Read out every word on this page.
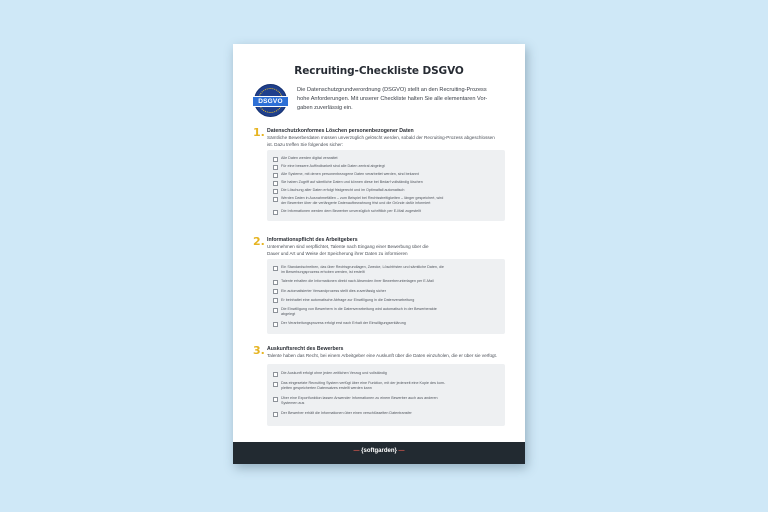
Recruiting-Checkliste DSGVO
DSGVO
Die Datenschutzgrundverordnung (DSGVO) stellt an den Recruiting-Prozess
hohe Anforderungen. Mit unserer Checkliste halten Sie alle elementaren Vor-
gaben zuverlässig ein.
1. Datenschutzkonformes Löschen personenbezogener Daten
Sämtliche Bewerberdaten müssen unverzüglich gelöscht werden, sobald der Recruiting-Prozess abgeschlossen
ist. Dazu treffen Sie folgendes sicher:
Alle Daten werden digital verwaltet
Für eine bessere Auffindbarkeit sind alle Daten zentral abgelegt
Alle Systeme, mit denen personenbezogene Daten verarbeitet werden, sind bekannt
Sie haben Zugriff auf sämtliche Daten und können diese bei Bedarf vollständig löschen
Die Löschung aller Daten erfolgt fristgerecht und im Optimalfall automatisch
Werden Daten in Ausnahmefällen – zum Beispiel bei Rechtsstreitigkeiten – länger gespeichert, wird
der Bewerber über die verlängerte Datenaufbewahrung frist und die Gründe dafür informiert
Die Informationen werden dem Bewerber unverzüglich schriftlich per E-Mail zugestellt
2. Informationspflicht des Arbeitgebers
Unternehmen sind verpflichtet, Talente nach Eingang einer Bewerbung über die
Dauer und Art und Weise der Speicherung ihrer Daten zu informieren
Ein Standardschreiben, das über Rechtsgrundlagen, Zwecke, Löschfristen und sämtliche Daten, die
im Bewerbungsprozess erhoben werden, ist erstellt
Talente erhalten die Informationen direkt nach Absenden ihrer Bewerberunterlagen per E-Mail
Ein automatisierter Versandprozess stellt dies zuverlässig sicher
Er beinhaltet eine automatische Abfrage zur Einwilligung in die Datenverarbeitung
Die Einwilligung von Bewerbern in die Datenverarbeitung wird automatisch in der Bewerberakte
abgelegt
Der Verarbeitungsprozess erfolgt erst nach Erhalt der Einwilligungserklärung
3. Auskunftsrecht des Bewerbers
Talente haben das Recht, bei einem Arbeitgeber eine Auskunft über die Daten einzuholen, die er über sie verfügt.
Die Auskunft erfolgt ohne jeden zeitlichen Verzug und vollständig
Das eingesetzte Recruiting System verfügt über eine Funktion, mit der jederzeit eine Kopie des kom-
pletten gespeicherten Datensatzes erstellt werden kann
Über eine Exportfunktion lassen Anwender Informationen zu einem Bewerber auch aus anderen
Systemen aus
Der Bewerber erhält die Informationen über einen verschlüsselten Datentransfer
— {softgarden} —
